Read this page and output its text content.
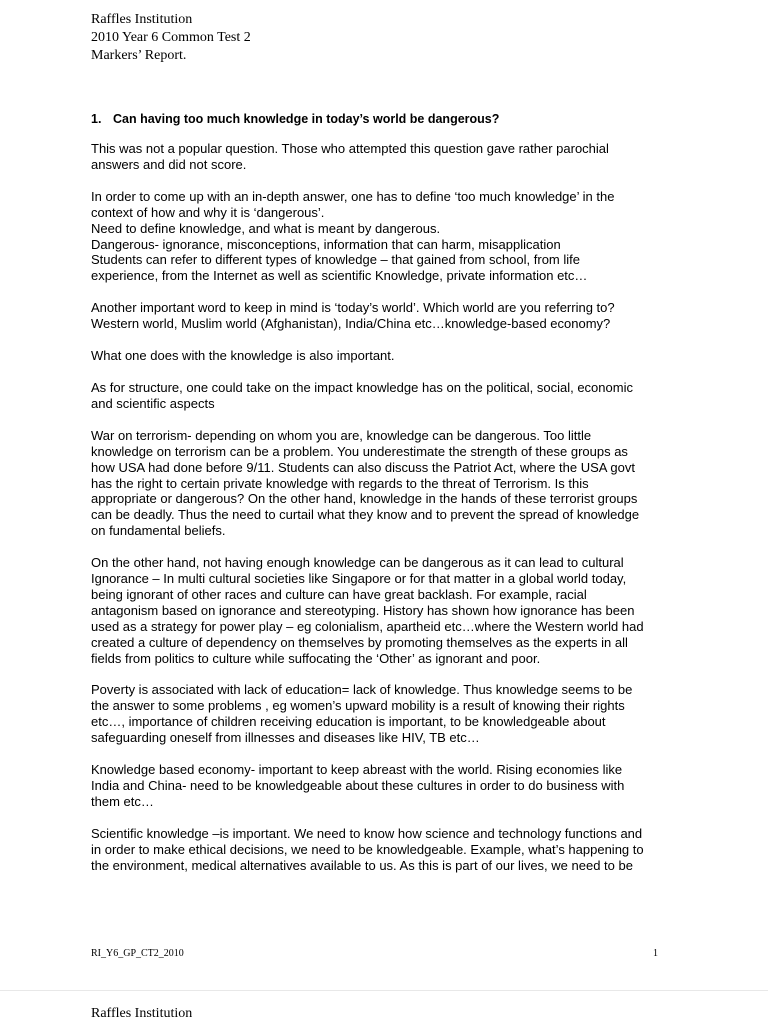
Raffles Institution
2010 Year 6 Common Test 2
Markers’ Report.
1. Can having too much knowledge in today’s world be dangerous?
This was not a popular question. Those who attempted this question gave rather parochial
answers and did not score.
In order to come up with an in-depth answer, one has to define ‘too much knowledge’ in the
context of how and why it is ‘dangerous’.
Need to define knowledge, and what is meant by dangerous.
Dangerous- ignorance, misconceptions, information that can harm, misapplication
Students can refer to different types of knowledge – that gained from school, from life
experience, from the Internet as well as scientific Knowledge, private information etc…
Another important word to keep in mind is ‘today’s world’. Which world are you referring to?
Western world, Muslim world (Afghanistan), India/China etc…knowledge-based economy?
What one does with the knowledge is also important.
As for structure, one could take on the impact knowledge has on the political, social, economic
and scientific aspects
War on terrorism- depending on whom you are, knowledge can be dangerous. Too little
knowledge on terrorism can be a problem. You underestimate the strength of these groups as
how USA had done before 9/11. Students can also discuss the Patriot Act, where the USA govt
has the right to certain private knowledge with regards to the threat of Terrorism. Is this
appropriate or dangerous? On the other hand, knowledge in the hands of these terrorist groups
can be deadly. Thus the need to curtail what they know and to prevent the spread of knowledge
on fundamental beliefs.
On the other hand, not having enough knowledge can be dangerous as it can lead to cultural
Ignorance – In multi cultural societies like Singapore or for that matter in a global world today,
being ignorant of other races and culture can have great backlash. For example, racial
antagonism based on ignorance and stereotyping. History has shown how ignorance has been
used as a strategy for power play – eg colonialism, apartheid etc…where the Western world had
created a culture of dependency on themselves by promoting themselves as the experts in all
fields from politics to culture while suffocating the ‘Other’ as ignorant and poor.
Poverty is associated with lack of education= lack of knowledge. Thus knowledge seems to be
the answer to some problems , eg women’s upward mobility is a result of knowing their rights
etc…, importance of children receiving education is important, to be knowledgeable about
safeguarding oneself from illnesses and diseases like HIV, TB etc…
Knowledge based economy- important to keep abreast with the world. Rising economies like
India and China- need to be knowledgeable about these cultures in order to do business with
them etc…
Scientific knowledge –is important. We need to know how science and technology functions and
in order to make ethical decisions, we need to be knowledgeable. Example, what’s happening to
the environment, medical alternatives available to us. As this is part of our lives, we need to be
RI_Y6_GP_CT2_2010	1
Raffles Institution
